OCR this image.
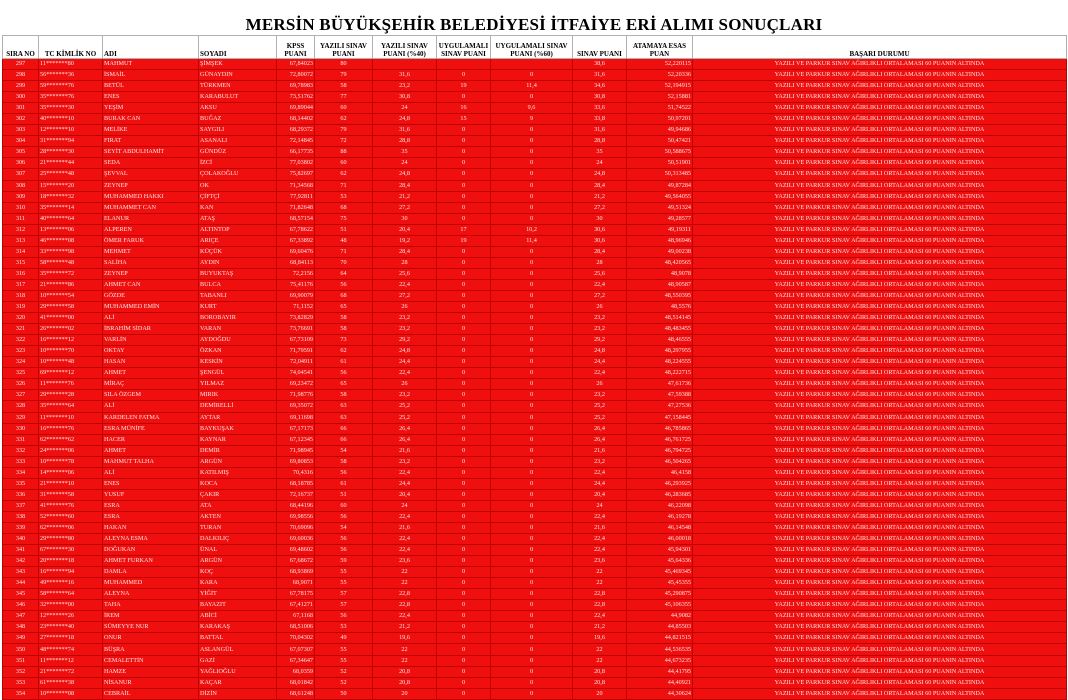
MERSİN BÜYÜKŞEHİR BELEDİYESİ İTFAİYE ERİ ALIMI SONUÇLARI
SIRA NO	TC KİMLİK NO	ADI	SOYADI	KPSS PUANI	YAZILI SINAV PUANI	YAZILI SINAV PUANI (%40)	UYGULAMALI SINAV PUANI	UYGULAMALI SINAV PUANI (%60)	SINAV PUANI	ATAMAYA ESAS PUAN	BAŞARI DURUMU
297	11*******80	MAHMUT	ŞİMŞEK	67,84023	80				38,6	52,220115	YAZILI VE PARKUR SINAV AĞIRLIKLI ORTALAMASI 60 PUANIN ALTINDA
298	56*******36	İSMAİL	GÜNAYDIN	72,80072	79	31,6	0	0	31,6	52,20336	YAZILI VE PARKUR SINAV AĞIRLIKLI ORTALAMASI 60 PUANIN ALTINDA
299	59*******76	BETÜL	TÜRKMEN	69,78983	58	23,2	19	11,4	34,6	52,194915	YAZILI VE PARKUR SINAV AĞIRLIKLI ORTALAMASI 60 PUANIN ALTINDA
300	35*******76	ENES	KARABULUT	73,51762	77	30,8	0	0	30,8	52,15881	YAZILI VE PARKUR SINAV AĞIRLIKLI ORTALAMASI 60 PUANIN ALTINDA
301	35*******30	YEŞİM	AKSU	69,89044	60	24	16	9,6	33,6	51,74522	YAZILI VE PARKUR SINAV AĞIRLIKLI ORTALAMASI 60 PUANIN ALTINDA
302	40*******10	BURAK CAN	BUĞAZ	68,14402	62	24,8	15	9	33,8	50,97201	YAZILI VE PARKUR SINAV AĞIRLIKLI ORTALAMASI 60 PUANIN ALTINDA
303	12*******10	MELİKE	SAYGILI	68,29372	79	31,6	0	0	31,6	49,94686	YAZILI VE PARKUR SINAV AĞIRLIKLI ORTALAMASI 60 PUANIN ALTINDA
304	31*******94	FIRAT	ASANALI	72,14845	72	28,8	0	0	28,8	50,47421	YAZILI VE PARKUR SINAV AĞIRLIKLI ORTALAMASI 60 PUANIN ALTINDA
305	28*******30	SEYİT ABDULHAMİT	GÜNDÜZ	66,17735	88	35	0	0	35	50,588675	YAZILI VE PARKUR SINAV AĞIRLIKLI ORTALAMASI 60 PUANIN ALTINDA
306	21*******44	SEDA	İZCİ	77,03802	60	24	0	0	24	50,51901	YAZILI VE PARKUR SINAV AĞIRLIKLI ORTALAMASI 60 PUANIN ALTINDA
307	25*******48	ŞEVVAL	ÇOLAKOĞLU	75,82697	62	24,8	0	0	24,8	50,313485	YAZILI VE PARKUR SINAV AĞIRLIKLI ORTALAMASI 60 PUANIN ALTINDA
308	15*******20	ZEYNEP	OK	71,34568	71	28,4	0	0	28,4	49,87284	YAZILI VE PARKUR SINAV AĞIRLIKLI ORTALAMASI 60 PUANIN ALTINDA
309	18*******32	MUHAMMED HAKKI	ÇİFTÇİ	77,92811	53	21,2	0	0	21,2	49,564055	YAZILI VE PARKUR SINAV AĞIRLIKLI ORTALAMASI 60 PUANIN ALTINDA
310	35*******14	MUHAMMET CAN	KAN	71,82648	68	27,2	0	0	27,2	49,51324	YAZILI VE PARKUR SINAV AĞIRLIKLI ORTALAMASI 60 PUANIN ALTINDA
311	40*******64	ELANUR	ATAŞ	68,57154	75	30	0	0	30	49,28577	YAZILI VE PARKUR SINAV AĞIRLIKLI ORTALAMASI 60 PUANIN ALTINDA
312	13*******06	ALPEREN	ALTINTOP	67,78622	51	20,4	17	10,2	30,6	49,19311	YAZILI VE PARKUR SINAV AĞIRLIKLI ORTALAMASI 60 PUANIN ALTINDA
313	46*******08	ÖMER FARUK	ARIÇE	67,33892	48	19,2	19	11,4	30,6	48,96946	YAZILI VE PARKUR SINAV AĞIRLIKLI ORTALAMASI 60 PUANIN ALTINDA
314	33*******98	MEHMET	KÜÇÜK	69,60476	71	28,4	0	0	28,4	49,00238	YAZILI VE PARKUR SINAV AĞIRLIKLI ORTALAMASI 60 PUANIN ALTINDA
315	58*******48	SALİHA	AYDIN	68,84113	70	28	0	0	28	48,420565	YAZILI VE PARKUR SINAV AĞIRLIKLI ORTALAMASI 60 PUANIN ALTINDA
316	35*******72	ZEYNEP	BUYUKTAŞ	72,2156	64	25,6	0	0	25,6	48,9078	YAZILI VE PARKUR SINAV AĞIRLIKLI ORTALAMASI 60 PUANIN ALTINDA
317	21*******86	AHMET CAN	BULCA	75,41176	56	22,4	0	0	22,4	48,90587	YAZILI VE PARKUR SINAV AĞIRLIKLI ORTALAMASI 60 PUANIN ALTINDA
318	10*******54	GÖZDE	TABANLI	69,90079	68	27,2	0	0	27,2	48,550395	YAZILI VE PARKUR SINAV AĞIRLIKLI ORTALAMASI 60 PUANIN ALTINDA
319	29*******58	MUHAMMED EMİN	KURT	71,1152	65	26	0	0	26	48,5576	YAZILI VE PARKUR SINAV AĞIRLIKLI ORTALAMASI 60 PUANIN ALTINDA
320	41*******00	ALİ	BOROBAYIR	73,82829	58	23,2	0	0	23,2	48,514145	YAZILI VE PARKUR SINAV AĞIRLIKLI ORTALAMASI 60 PUANIN ALTINDA
321	26*******02	İBRAHİM SİDAR	VARAN	73,76691	58	23,2	0	0	23,2	48,483455	YAZILI VE PARKUR SINAV AĞIRLIKLI ORTALAMASI 60 PUANIN ALTINDA
322	16*******12	VARLİN	AYDOĞDU	67,73109	73	29,2	0	0	29,2	48,46555	YAZILI VE PARKUR SINAV AĞIRLIKLI ORTALAMASI 60 PUANIN ALTINDA
323	10*******70	OKTAY	ÖZKAN	71,79591	62	24,8	0	0	24,8	48,297955	YAZILI VE PARKUR SINAV AĞIRLIKLI ORTALAMASI 60 PUANIN ALTINDA
324	10*******48	HASAN	KESKİN	72,04911	61	24,4	0	0	24,4	48,224555	YAZILI VE PARKUR SINAV AĞIRLIKLI ORTALAMASI 60 PUANIN ALTINDA
325	69*******12	AHMET	ŞENGÜL	74,04541	56	22,4	0	0	22,4	48,222715	YAZILI VE PARKUR SINAV AĞIRLIKLI ORTALAMASI 60 PUANIN ALTINDA
326	11*******76	MİRAÇ	YILMAZ	69,23472	65	26	0	0	26	47,61736	YAZILI VE PARKUR SINAV AĞIRLIKLI ORTALAMASI 60 PUANIN ALTINDA
327	29*******28	SILA ÖZGEM	MIRIK	71,98776	58	23,2	0	0	23,2	47,59388	YAZILI VE PARKUR SINAV AĞIRLIKLI ORTALAMASI 60 PUANIN ALTINDA
328	35*******64	ALİ	DEMİRELLİ	69,35072	63	25,2	0	0	25,2	47,27536	YAZILI VE PARKUR SINAV AĞIRLIKLI ORTALAMASI 60 PUANIN ALTINDA
329	11*******10	KARDELEN FATMA	AYTAR	69,11698	63	25,2	0	0	25,2	47,158445	YAZILI VE PARKUR SINAV AĞIRLIKLI ORTALAMASI 60 PUANIN ALTINDA
330	16*******76	ESRA MÜNİFE	BAYKUŞAK	67,17173	66	26,4	0	0	26,4	46,785865	YAZILI VE PARKUR SINAV AĞIRLIKLI ORTALAMASI 60 PUANIN ALTINDA
331	62*******62	HACER	KAYNAR	67,12345	66	26,4	0	0	26,4	46,761725	YAZILI VE PARKUR SINAV AĞIRLIKLI ORTALAMASI 60 PUANIN ALTINDA
332	24*******06	AHMET	DEMİR	71,98945	54	21,6	0	0	21,6	46,794725	YAZILI VE PARKUR SINAV AĞIRLIKLI ORTALAMASI 60 PUANIN ALTINDA
333	10*******78	MAHMUT TALHA	ARGÜN	69,80853	58	23,2	0	0	23,2	46,504265	YAZILI VE PARKUR SINAV AĞIRLIKLI ORTALAMASI 60 PUANIN ALTINDA
334	14*******06	ALİ	KATILMIŞ	70,4316	56	22,4	0	0	22,4	46,4158	YAZILI VE PARKUR SINAV AĞIRLIKLI ORTALAMASI 60 PUANIN ALTINDA
335	21*******10	ENES	KOCA	68,18785	61	24,4	0	0	24,4	46,293925	YAZILI VE PARKUR SINAV AĞIRLIKLI ORTALAMASI 60 PUANIN ALTINDA
336	31*******58	YUSUF	ÇAKIR	72,16737	51	20,4	0	0	20,4	46,283685	YAZILI VE PARKUR SINAV AĞIRLIKLI ORTALAMASI 60 PUANIN ALTINDA
337	41*******76	ESRA	ATA	68,44196	60	24	0	0	24	46,22098	YAZILI VE PARKUR SINAV AĞIRLIKLI ORTALAMASI 60 PUANIN ALTINDA
338	52*******60	ESRA	AKTEN	69,98556	56	22,4	0	0	22,4	46,19278	YAZILI VE PARKUR SINAV AĞIRLIKLI ORTALAMASI 60 PUANIN ALTINDA
339	62*******06	HAKAN	TURAN	70,69096	54	21,6	0	0	21,6	46,14548	YAZILI VE PARKUR SINAV AĞIRLIKLI ORTALAMASI 60 PUANIN ALTINDA
340	29*******80	ALEYNA ESMA	DALKILIÇ	69,60036	56	22,4	0	0	22,4	46,00018	YAZILI VE PARKUR SINAV AĞIRLIKLI ORTALAMASI 60 PUANIN ALTINDA
341	67*******30	DOĞUKAN	ÜNAL	69,48602	56	22,4	0	0	22,4	45,94301	YAZILI VE PARKUR SINAV AĞIRLIKLI ORTALAMASI 60 PUANIN ALTINDA
342	20*******18	AHMET FURKAN	ARGÜN	67,68672	59	23,6	0	0	23,6	45,64336	YAZILI VE PARKUR SINAV AĞIRLIKLI ORTALAMASI 60 PUANIN ALTINDA
343	16*******94	DAMLA	KOÇ	68,93869	55	22	0	0	22	45,469345	YAZILI VE PARKUR SINAV AĞIRLIKLI ORTALAMASI 60 PUANIN ALTINDA
344	49*******16	MUHAMMED	KARA	68,9071	55	22	0	0	22	45,45355	YAZILI VE PARKUR SINAV AĞIRLIKLI ORTALAMASI 60 PUANIN ALTINDA
345	58*******64	ALEYNA	YİĞİT	67,78175	57	22,8	0	0	22,8	45,290875	YAZILI VE PARKUR SINAV AĞIRLIKLI ORTALAMASI 60 PUANIN ALTINDA
346	32*******00	TAHA	BAYAZIT	67,41271	57	22,8	0	0	22,8	45,106355	YAZILI VE PARKUR SINAV AĞIRLIKLI ORTALAMASI 60 PUANIN ALTINDA
347	12*******26	İREM	ABİCİ	67,1168	56	22,4	0	0	22,4	44,9082	YAZILI VE PARKUR SINAV AĞIRLIKLI ORTALAMASI 60 PUANIN ALTINDA
348	23*******40	SÜMEYYE NUR	KARAKAŞ	68,51006	53	21,2	0	0	21,2	44,85503	YAZILI VE PARKUR SINAV AĞIRLIKLI ORTALAMASI 60 PUANIN ALTINDA
349	27*******18	ONUR	BATTAL	70,04302	49	19,6	0	0	19,6	44,821515	YAZILI VE PARKUR SINAV AĞIRLIKLI ORTALAMASI 60 PUANIN ALTINDA
350	48*******74	BÜŞRA	ASLANGÜL	67,07307	55	22	0	0	22	44,536535	YAZILI VE PARKUR SINAV AĞIRLIKLI ORTALAMASI 60 PUANIN ALTINDA
351	11*******12	CEMALETTİN	GAZİ	67,34647	55	22	0	0	22	44,673235	YAZILI VE PARKUR SINAV AĞIRLIKLI ORTALAMASI 60 PUANIN ALTINDA
352	21*******72	HAMZE	YAĞLIOĞLU	68,0359	52	20,8	0	0	20,8	44,41795	YAZILI VE PARKUR SINAV AĞIRLIKLI ORTALAMASI 60 PUANIN ALTINDA
353	61*******38	NİSANUR	KAÇAR	68,01842	52	20,8	0	0	20,8	44,40921	YAZILI VE PARKUR SINAV AĞIRLIKLI ORTALAMASI 60 PUANIN ALTINDA
354	10*******08	CEBRAİL	DİZİN	68,61248	50	20	0	0	20	44,30624	YAZILI VE PARKUR SINAV AĞIRLIKLI ORTALAMASI 60 PUANIN ALTINDA
